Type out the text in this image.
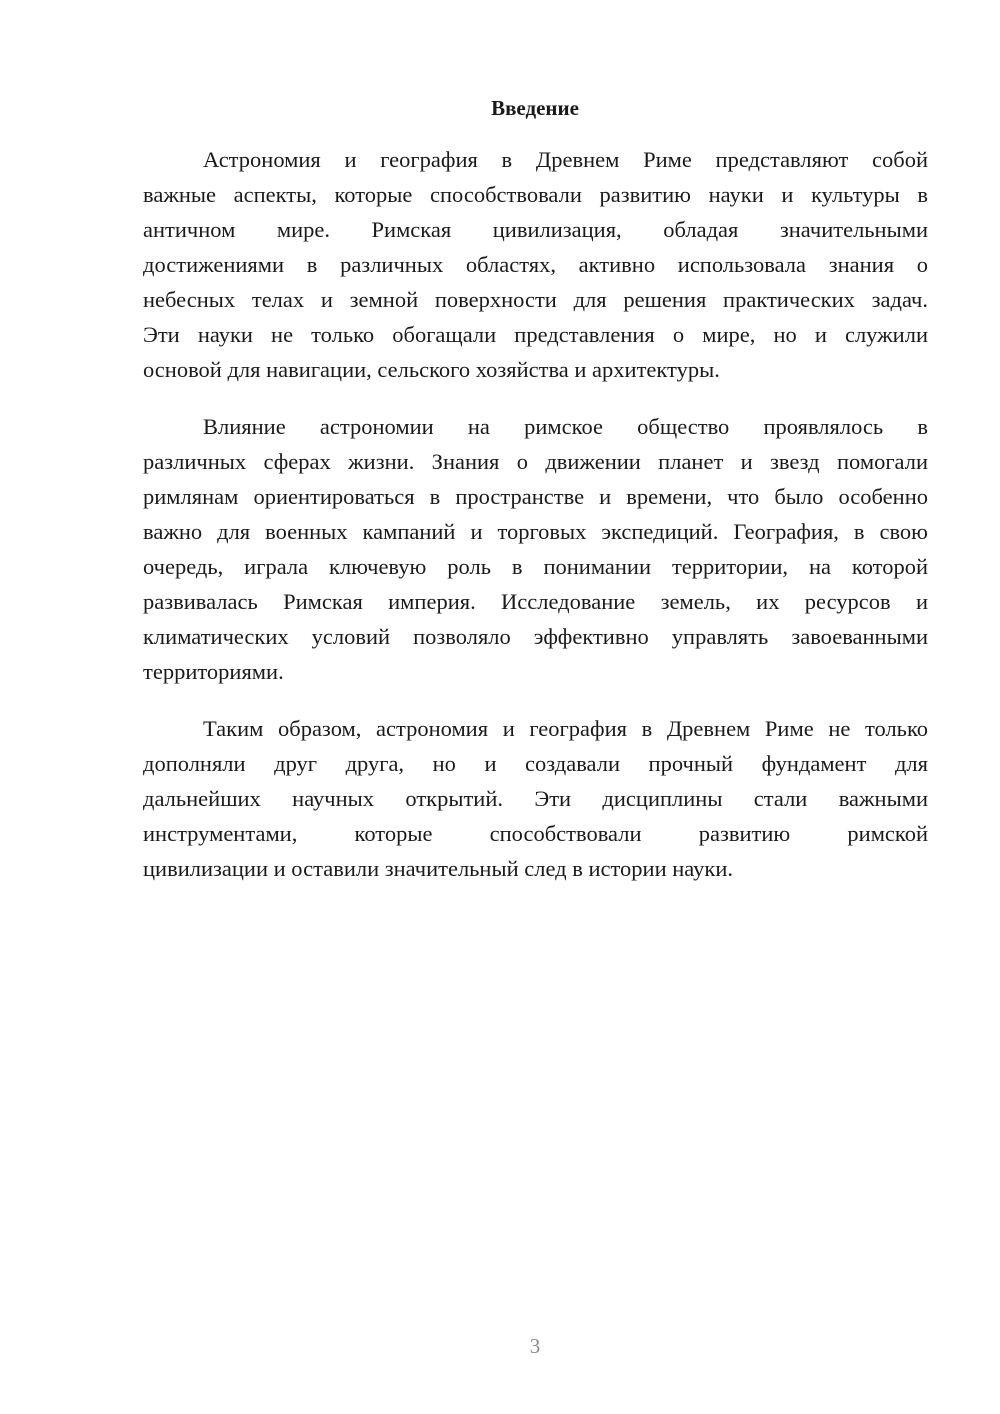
Введение
Астрономия и география в Древнем Риме представляют собой
важные аспекты, которые способствовали развитию науки и культуры в
античном мире. Римская цивилизация, обладая значительными
достижениями в различных областях, активно использовала знания о
небесных телах и земной поверхности для решения практических задач.
Эти науки не только обогащали представления о мире, но и служили
основой для навигации, сельского хозяйства и архитектуры.
Влияние астрономии на римское общество проявлялось в
различных сферах жизни. Знания о движении планет и звезд помогали
римлянам ориентироваться в пространстве и времени, что было особенно
важно для военных кампаний и торговых экспедиций. География, в свою
очередь, играла ключевую роль в понимании территории, на которой
развивалась Римская империя. Исследование земель, их ресурсов и
климатических условий позволяло эффективно управлять завоеванными
территориями.
Таким образом, астрономия и география в Древнем Риме не только
дополняли друг друга, но и создавали прочный фундамент для
дальнейших научных открытий. Эти дисциплины стали важными
инструментами, которые способствовали развитию римской
цивилизации и оставили значительный след в истории науки.
3
